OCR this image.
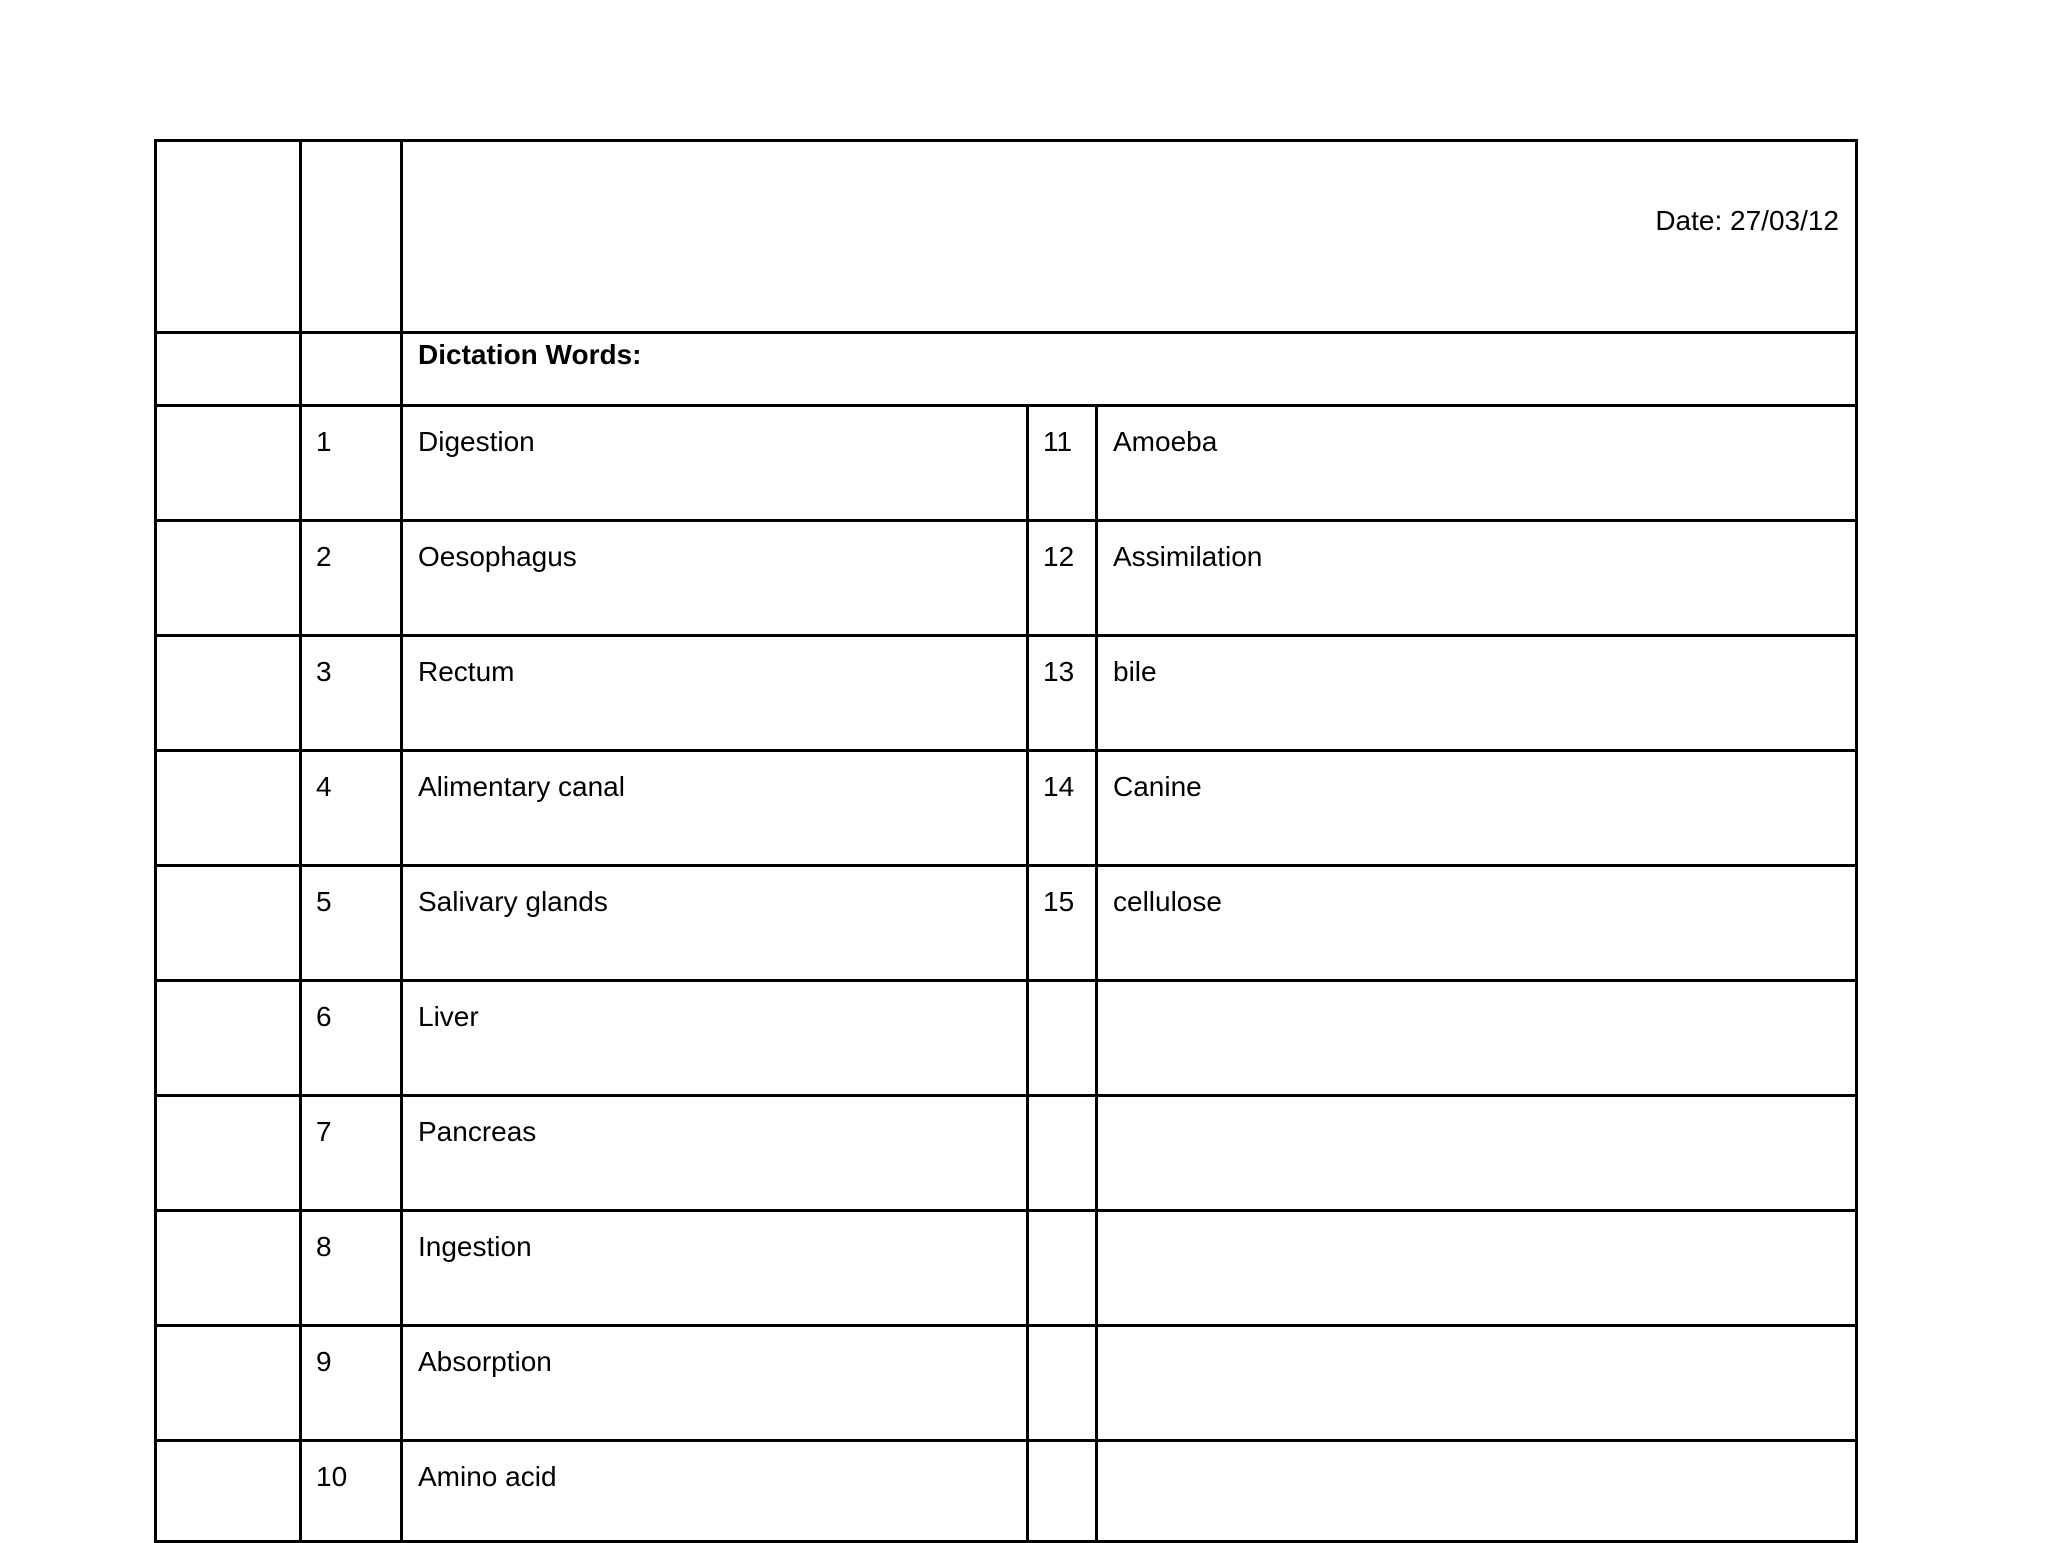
		Date: 27/03/12		
		Dictation Words:		
	1	Digestion	11	Amoeba
	2	Oesophagus	12	Assimilation
	3	Rectum	13	bile
	4	Alimentary canal	14	Canine
	5	Salivary glands	15	cellulose
	6	Liver		
	7	Pancreas		
	8	Ingestion		
	9	Absorption		
	10	Amino acid		
